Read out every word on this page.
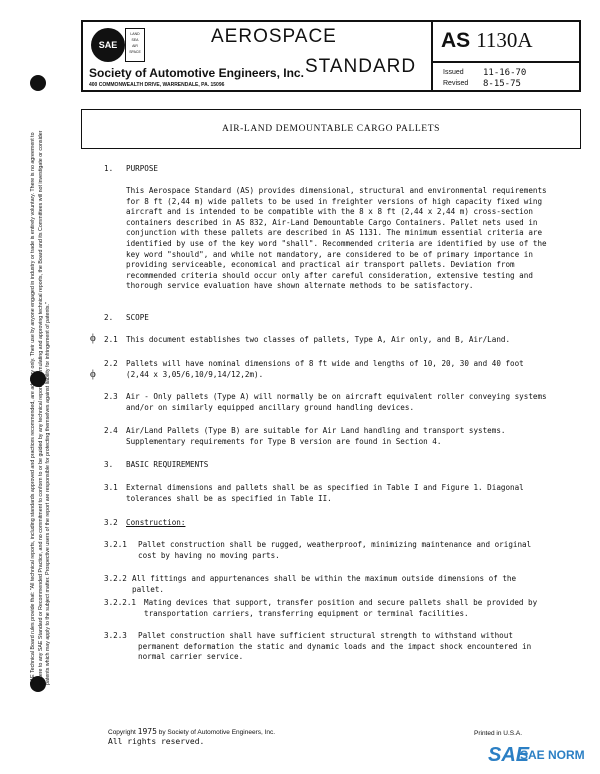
SAE
LAND
SEA
AIR
SPACE
AEROSPACE
STANDARD
Society of Automotive Engineers, Inc.
400 COMMONWEALTH DRIVE, WARRENDALE, PA. 15096
AS 1130A
Issued 11-16-70
Revised 8-15-75
AIR-LAND DEMOUNTABLE CARGO PALLETS
SAE Technical Board rules provide that: "All technical reports, including standards approved and practices recommended, are advisory only. Their use by anyone engaged in industry or trade is entirely voluntary. There is no agreement to adhere to any SAE Standard or Recommended Practice, and no commitment to conform to or be guided by any technical report. In formulating and approving technical reports, the Board and its Committees will not investigate or consider patents which may apply to the subject matter. Prospective users of the report are responsible for protecting themselves against liability for infringement of patents."
1. PURPOSE
This Aerospace Standard (AS) provides dimensional, structural and environmental requirements for 8 ft (2,44 m) wide pallets to be used in freighter versions of high capacity fixed wing aircraft and is intended to be compatible with the 8 x 8 ft (2,44 x 2,44 m) cross-section containers described in AS 832, Air-Land Demountable Cargo Containers. Pallet nets used in conjunction with these pallets are described in AS 1131. The minimum essential criteria are identified by use of the key word "shall". Recommended criteria are identified by use of the key word "should", and while not mandatory, are considered to be of primary importance in providing serviceable, economical and practical air transport pallets. Deviation from recommended criteria should occur only after careful consideration, extensive testing and thorough service evaluation have shown alternate methods to be satisfactory.
2. SCOPE
ϕ 2.1 This document establishes two classes of pallets, Type A, Air only, and B, Air/Land.
ϕ
2.2 Pallets will have nominal dimensions of 8 ft wide and lengths of 10, 20, 30 and 40 foot (2,44 x 3,05/6,10/9,14/12,2m).
2.3 Air - Only pallets (Type A) will normally be on aircraft equivalent roller conveying systems and/or on similarly equipped ancillary ground handling devices.
2.4 Air/Land Pallets (Type B) are suitable for Air Land handling and transport systems. Supplementary requirements for Type B version are found in Section 4.
3. BASIC REQUIREMENTS
3.1 External dimensions and pallets shall be as specified in Table I and Figure 1. Diagonal tolerances shall be as specified in Table II.
3.2 Construction:
3.2.1 Pallet construction shall be rugged, weatherproof, minimizing maintenance and original cost by having no moving parts.
3.2.2 All fittings and appurtenances shall be within the maximum outside dimensions of the pallet.
3.2.2.1 Mating devices that support, transfer position and secure pallets shall be provided by transportation carriers, transferring equipment or terminal facilities.
3.2.3 Pallet construction shall have sufficient structural strength to withstand without permanent deformation the static and dynamic loads and the impact shock encountered in normal carrier service.
Copyright 1975 by Society of Automotive Engineers, Inc.
All rights reserved.
Printed in U.S.A.
SAE
SAE NORM
